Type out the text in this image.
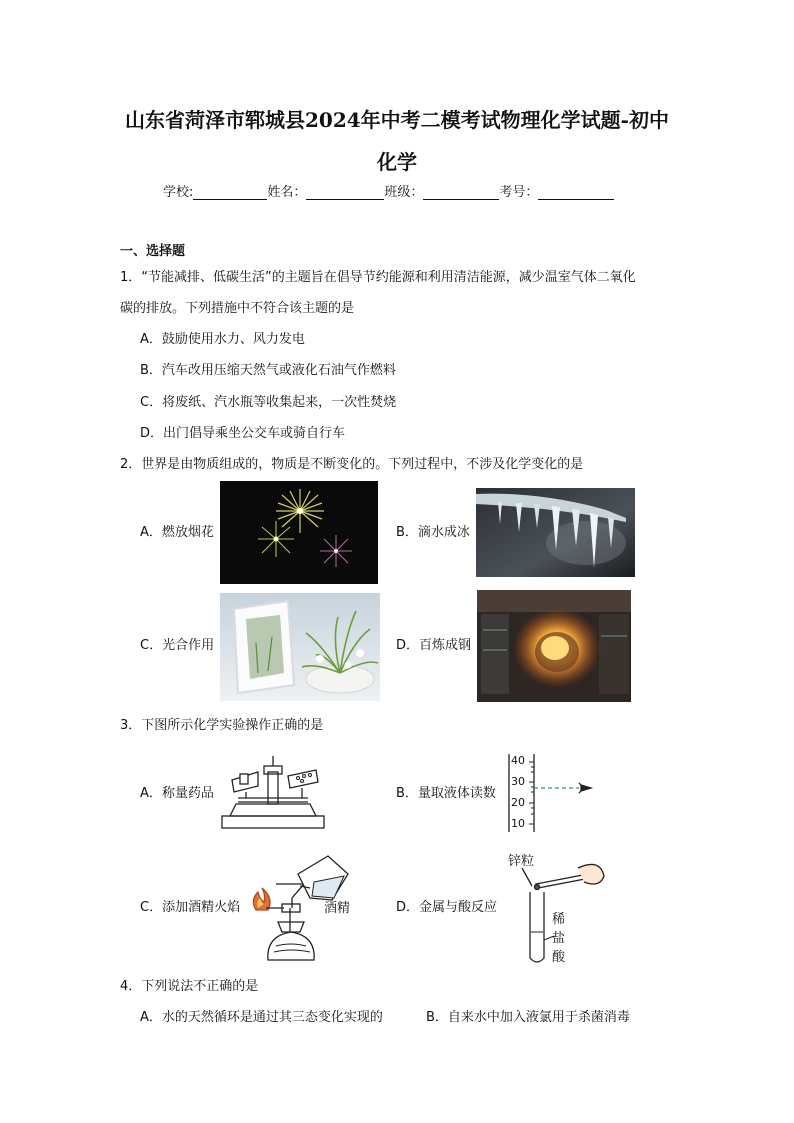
山东省菏泽市郓城县2024年中考二模考试物理化学试题-初中
化学
学校:	姓名：	班级：	考号：
一、选择题
1．“节能减排、低碳生活”的主题旨在倡导节约能源和利用清洁能源，减少温室气体二氧化
碳的排放。下列措施中不符合该主题的是
A．鼓励使用水力、风力发电
B．汽车改用压缩天然气或液化石油气作燃料
C．将废纸、汽水瓶等收集起来，一次性焚烧
D．出门倡导乘坐公交车或骑自行车
2．世界是由物质组成的，物质是不断变化的。下列过程中，不涉及化学变化的是
A．燃放烟花	B．滴水成冰
C．光合作用	D．百炼成钢
3．下图所示化学实验操作正确的是
A．称量药品	B．量取液体读数
C．添加酒精火焰	D．金属与酸反应
40
30
20
10
酒精
锌粒
稀
盐
酸
4．下列说法不正确的是
A．水的天然循环是通过其三态变化实现的	B．自来水中加入液氯用于杀菌消毒
